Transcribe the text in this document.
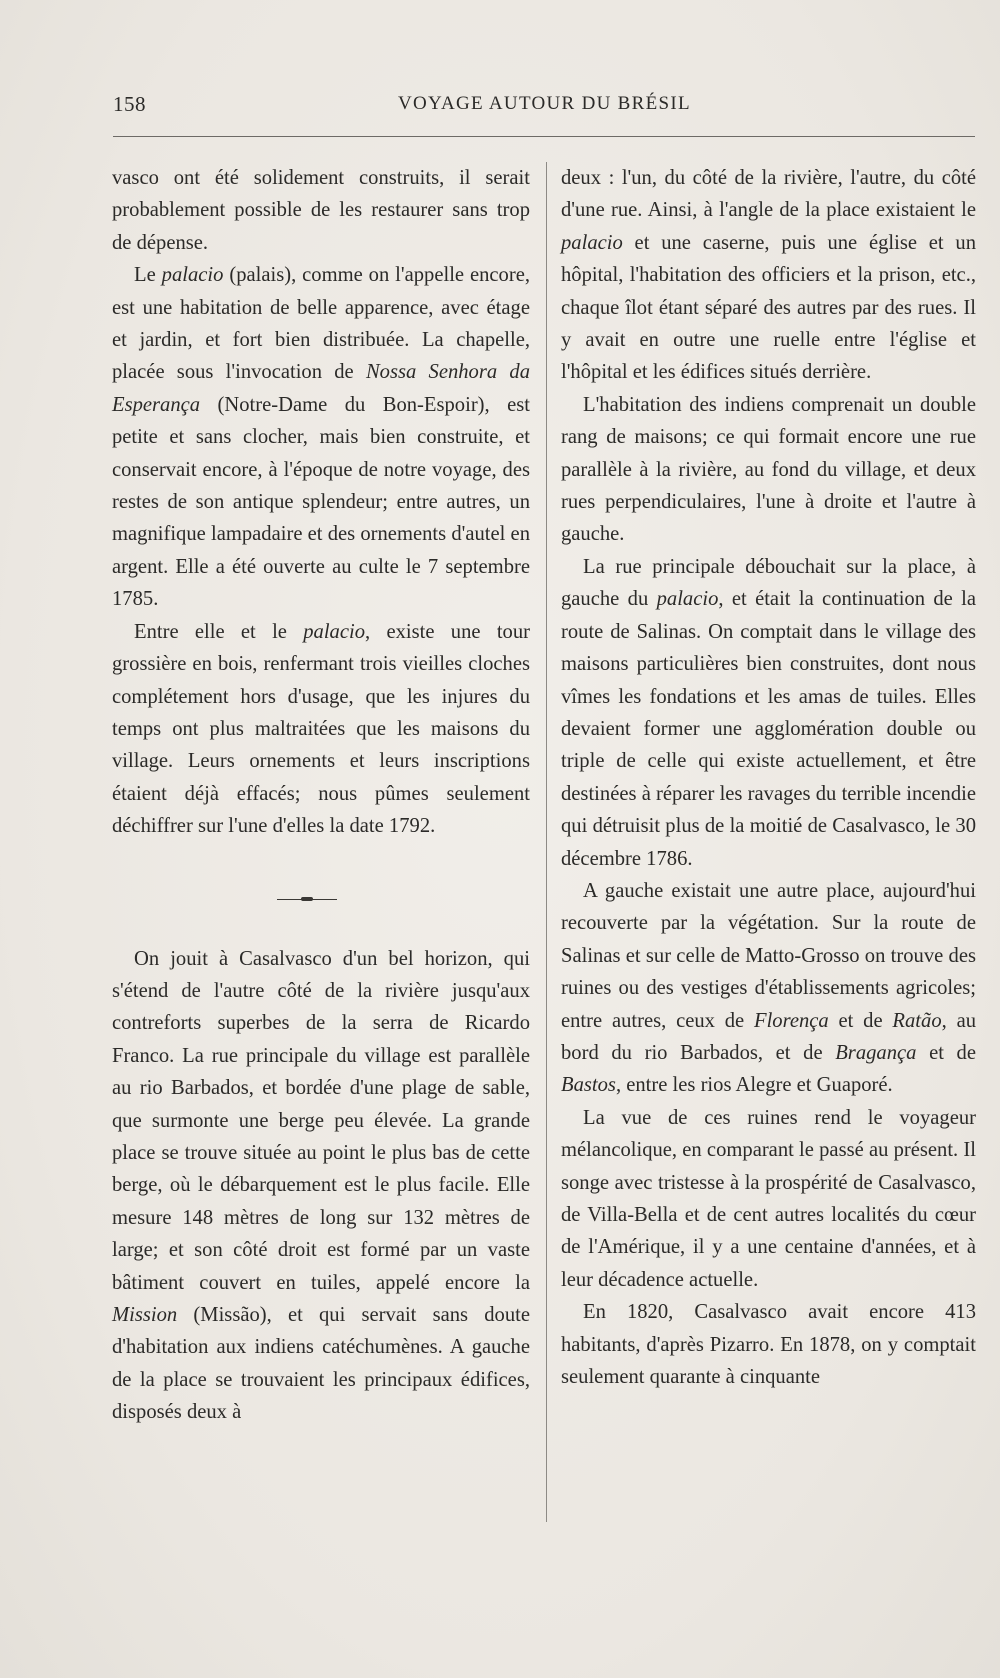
158	VOYAGE AUTOUR DU BRÉSIL

vasco ont été solidement construits, il serait probablement possible de les restaurer sans trop de dépense.

Le palacio (palais), comme on l'appelle encore, est une habitation de belle apparence, avec étage et jardin, et fort bien distribuée. La chapelle, placée sous l'invocation de Nossa Senhora da Esperança (Notre-Dame du Bon-Espoir), est petite et sans clocher, mais bien construite, et conservait encore, à l'époque de notre voyage, des restes de son antique splendeur; entre autres, un magnifique lampadaire et des ornements d'autel en argent. Elle a été ouverte au culte le 7 septembre 1785.

Entre elle et le palacio, existe une tour grossière en bois, renfermant trois vieilles cloches complétement hors d'usage, que les injures du temps ont plus maltraitées que les maisons du village. Leurs ornements et leurs inscriptions étaient déjà effacés; nous pûmes seulement déchiffrer sur l'une d'elles la date 1792.

On jouit à Casalvasco d'un bel horizon, qui s'étend de l'autre côté de la rivière jusqu'aux contreforts superbes de la serra de Ricardo Franco. La rue principale du village est parallèle au rio Barbados, et bordée d'une plage de sable, que surmonte une berge peu élevée. La grande place se trouve située au point le plus bas de cette berge, où le débarquement est le plus facile. Elle mesure 148 mètres de long sur 132 mètres de large; et son côté droit est formé par un vaste bâtiment couvert en tuiles, appelé encore la Mission (Missão), et qui servait sans doute d'habitation aux indiens catéchumènes. A gauche de la place se trouvaient les principaux édifices, disposés deux à

deux : l'un, du côté de la rivière, l'autre, du côté d'une rue. Ainsi, à l'angle de la place existaient le palacio et une caserne, puis une église et un hôpital, l'habitation des officiers et la prison, etc., chaque îlot étant séparé des autres par des rues. Il y avait en outre une ruelle entre l'église et l'hôpital et les édifices situés derrière.

L'habitation des indiens comprenait un double rang de maisons; ce qui formait encore une rue parallèle à la rivière, au fond du village, et deux rues perpendiculaires, l'une à droite et l'autre à gauche.

La rue principale débouchait sur la place, à gauche du palacio, et était la continuation de la route de Salinas. On comptait dans le village des maisons particulières bien construites, dont nous vîmes les fondations et les amas de tuiles. Elles devaient former une agglomération double ou triple de celle qui existe actuellement, et être destinées à réparer les ravages du terrible incendie qui détruisit plus de la moitié de Casalvasco, le 30 décembre 1786.

A gauche existait une autre place, aujourd'hui recouverte par la végétation. Sur la route de Salinas et sur celle de Matto-Grosso on trouve des ruines ou des vestiges d'établissements agricoles; entre autres, ceux de Florença et de Ratão, au bord du rio Barbados, et de Bragança et de Bastos, entre les rios Alegre et Guaporé.

La vue de ces ruines rend le voyageur mélancolique, en comparant le passé au présent. Il songe avec tristesse à la prospérité de Casalvasco, de Villa-Bella et de cent autres localités du cœur de l'Amérique, il y a une centaine d'années, et à leur décadence actuelle.

En 1820, Casalvasco avait encore 413 habitants, d'après Pizarro. En 1878, on y comptait seulement quarante à cinquante
